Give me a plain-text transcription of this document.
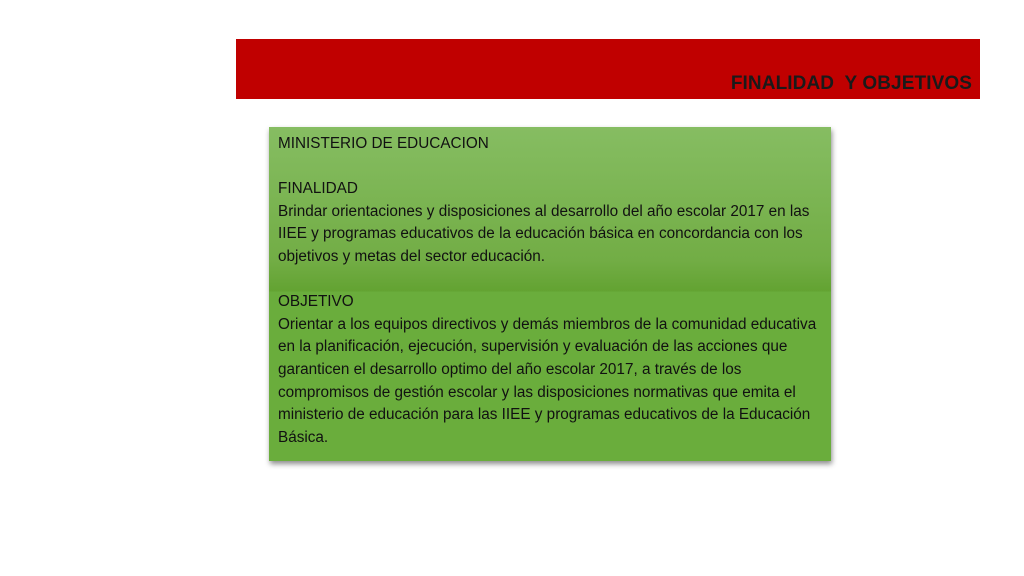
FINALIDAD  Y OBJETIVOS

MINISTERIO DE EDUCACION

FINALIDAD

Brindar orientaciones y disposiciones al desarrollo del año escolar 2017 en las IIEE y programas educativos de la educación básica en concordancia con los objetivos y metas del sector educación.

OBJETIVO

Orientar a los equipos directivos y demás miembros de la comunidad educativa en la planificación, ejecución, supervisión y evaluación de las acciones que garanticen el desarrollo optimo del año escolar 2017, a través de los compromisos de gestión escolar y las disposiciones normativas que emita el ministerio de educación para las IIEE y programas educativos de la Educación Básica.
